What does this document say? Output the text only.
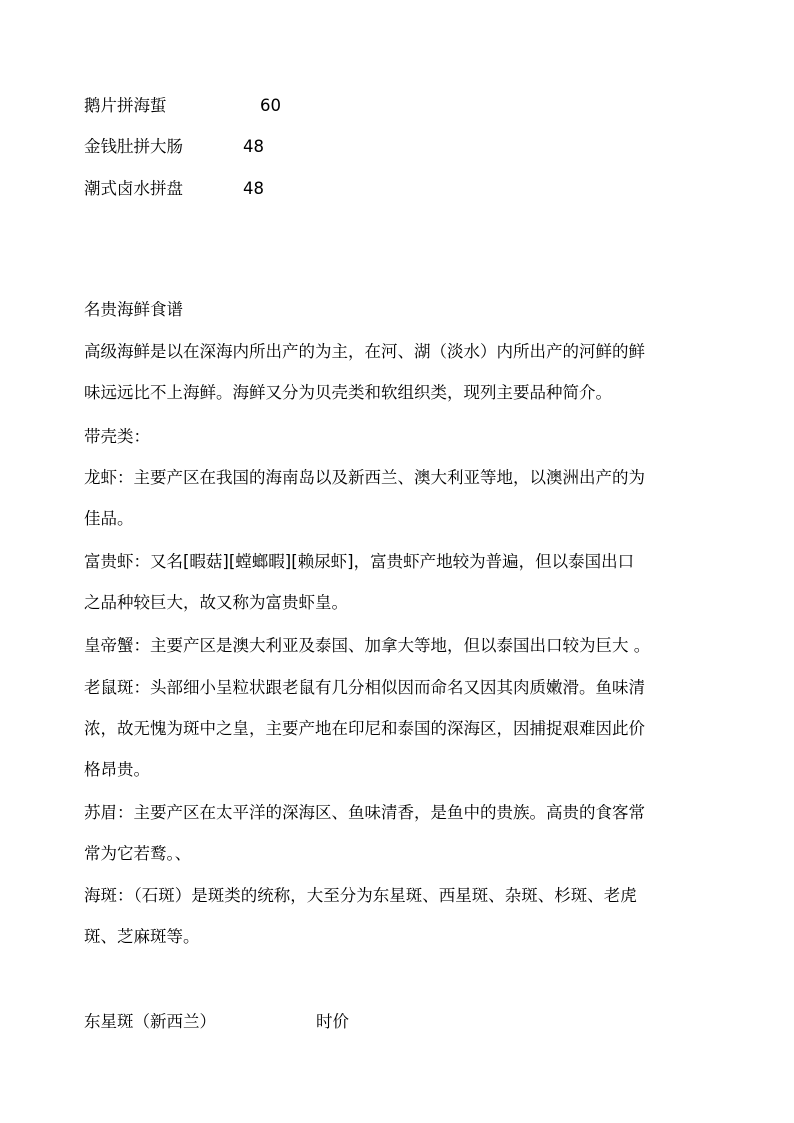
鹅片拼海蜇	60
金钱肚拼大肠	48
潮式卤水拼盘	48
名贵海鲜食谱
高级海鲜是以在深海内所出产的为主，在河、湖（淡水）内所出产的河鲜的鲜
味远远比不上海鲜。海鲜又分为贝壳类和软组织类，现列主要品种简介。
带壳类：
龙虾：主要产区在我国的海南岛以及新西兰、澳大利亚等地，以澳洲出产的为
佳品。
富贵虾：又名[暇菇][螳螂暇][赖尿虾]，富贵虾产地较为普遍，但以泰国出口
之品种较巨大，故又称为富贵虾皇。
皇帝蟹：主要产区是澳大利亚及泰国、加拿大等地，但以泰国出口较为巨大 。
老鼠斑：头部细小呈粒状跟老鼠有几分相似因而命名又因其肉质嫩滑。鱼味清
浓，故无愧为斑中之皇，主要产地在印尼和泰国的深海区，因捕捉艰难因此价
格昂贵。
苏眉：主要产区在太平洋的深海区、鱼味清香，是鱼中的贵族。高贵的食客常
常为它若鹜。、
海斑：（石斑）是斑类的统称，大至分为东星斑、西星斑、杂斑、杉斑、老虎
斑、芝麻斑等。
东星斑（新西兰）	时价
